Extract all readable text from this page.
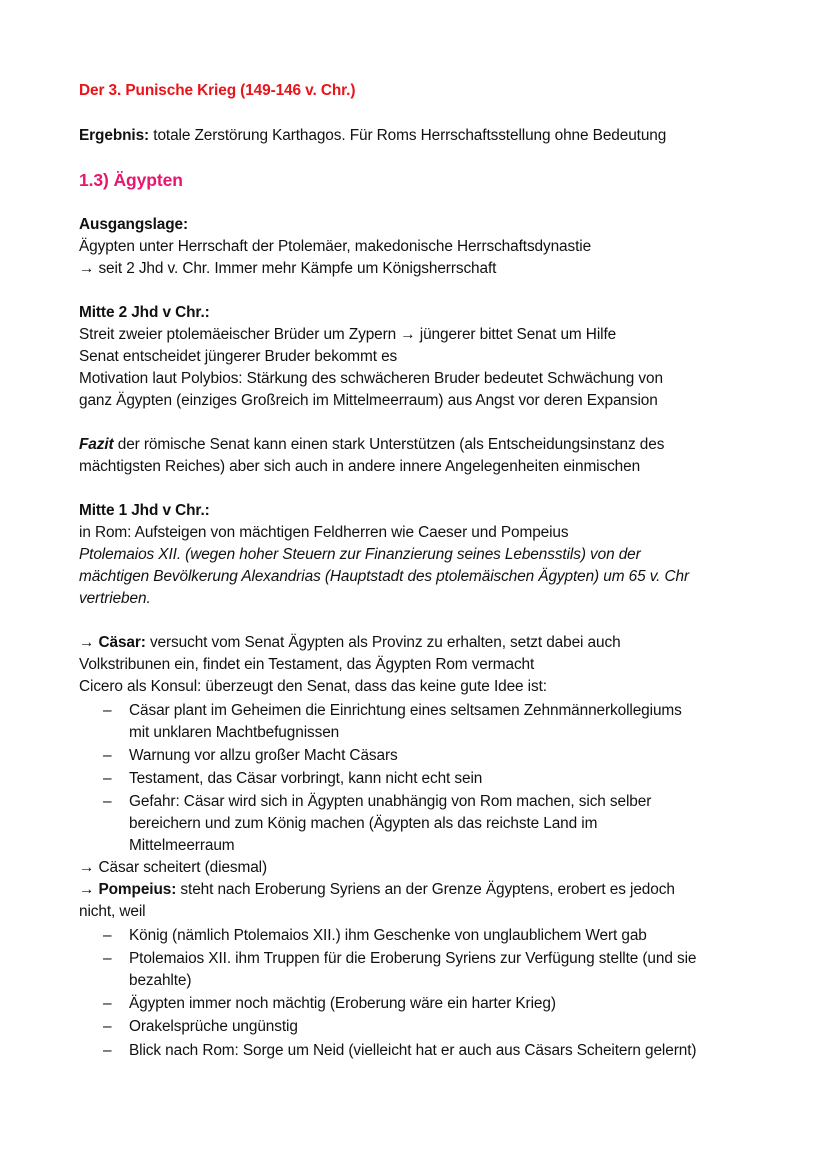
Der 3. Punische Krieg (149-146 v. Chr.)
Ergebnis: totale Zerstörung Karthagos. Für Roms Herrschaftsstellung ohne Bedeutung
1.3) Ägypten
Ausgangslage:
Ägypten unter Herrschaft der Ptolemäer, makedonische Herrschaftsdynastie
→ seit 2 Jhd v. Chr. Immer mehr Kämpfe um Königsherrschaft
Mitte 2 Jhd v Chr.:
Streit zweier ptolemäeischer Brüder um Zypern → jüngerer bittet Senat um Hilfe
Senat entscheidet jüngerer Bruder bekommt es
Motivation laut Polybios: Stärkung des schwächeren Bruder bedeutet Schwächung von
ganz Ägypten (einziges Großreich im Mittelmeerraum) aus Angst vor deren Expansion
Fazit der römische Senat kann einen stark Unterstützen (als Entscheidungsinstanz des
mächtigsten Reiches) aber sich auch in andere innere Angelegenheiten einmischen
Mitte 1 Jhd v Chr.:
in Rom: Aufsteigen von mächtigen Feldherren wie Caeser und Pompeius
Ptolemaios XII. (wegen hoher Steuern zur Finanzierung seines Lebensstils) von der
mächtigen Bevölkerung Alexandrias (Hauptstadt des ptolemäischen Ägypten) um 65 v. Chr
vertrieben.
→ Cäsar: versucht vom Senat Ägypten als Provinz zu erhalten, setzt dabei auch
Volkstribunen ein, findet ein Testament, das Ägypten Rom vermacht
Cicero als Konsul: überzeugt den Senat, dass das keine gute Idee ist:
– Cäsar plant im Geheimen die Einrichtung eines seltsamen Zehnmännerkollegiums
mit unklaren Machtbefugnissen
– Warnung vor allzu großer Macht Cäsars
– Testament, das Cäsar vorbringt, kann nicht echt sein
– Gefahr: Cäsar wird sich in Ägypten unabhängig von Rom machen, sich selber
bereichern und zum König machen (Ägypten als das reichste Land im
Mittelmeerraum
→ Cäsar scheitert (diesmal)
→ Pompeius: steht nach Eroberung Syriens an der Grenze Ägyptens, erobert es jedoch
nicht, weil
– König (nämlich Ptolemaios XII.) ihm Geschenke von unglaublichem Wert gab
– Ptolemaios XII. ihm Truppen für die Eroberung Syriens zur Verfügung stellte (und sie
bezahlte)
– Ägypten immer noch mächtig (Eroberung wäre ein harter Krieg)
– Orakelsprüche ungünstig
– Blick nach Rom: Sorge um Neid (vielleicht hat er auch aus Cäsars Scheitern gelernt)
